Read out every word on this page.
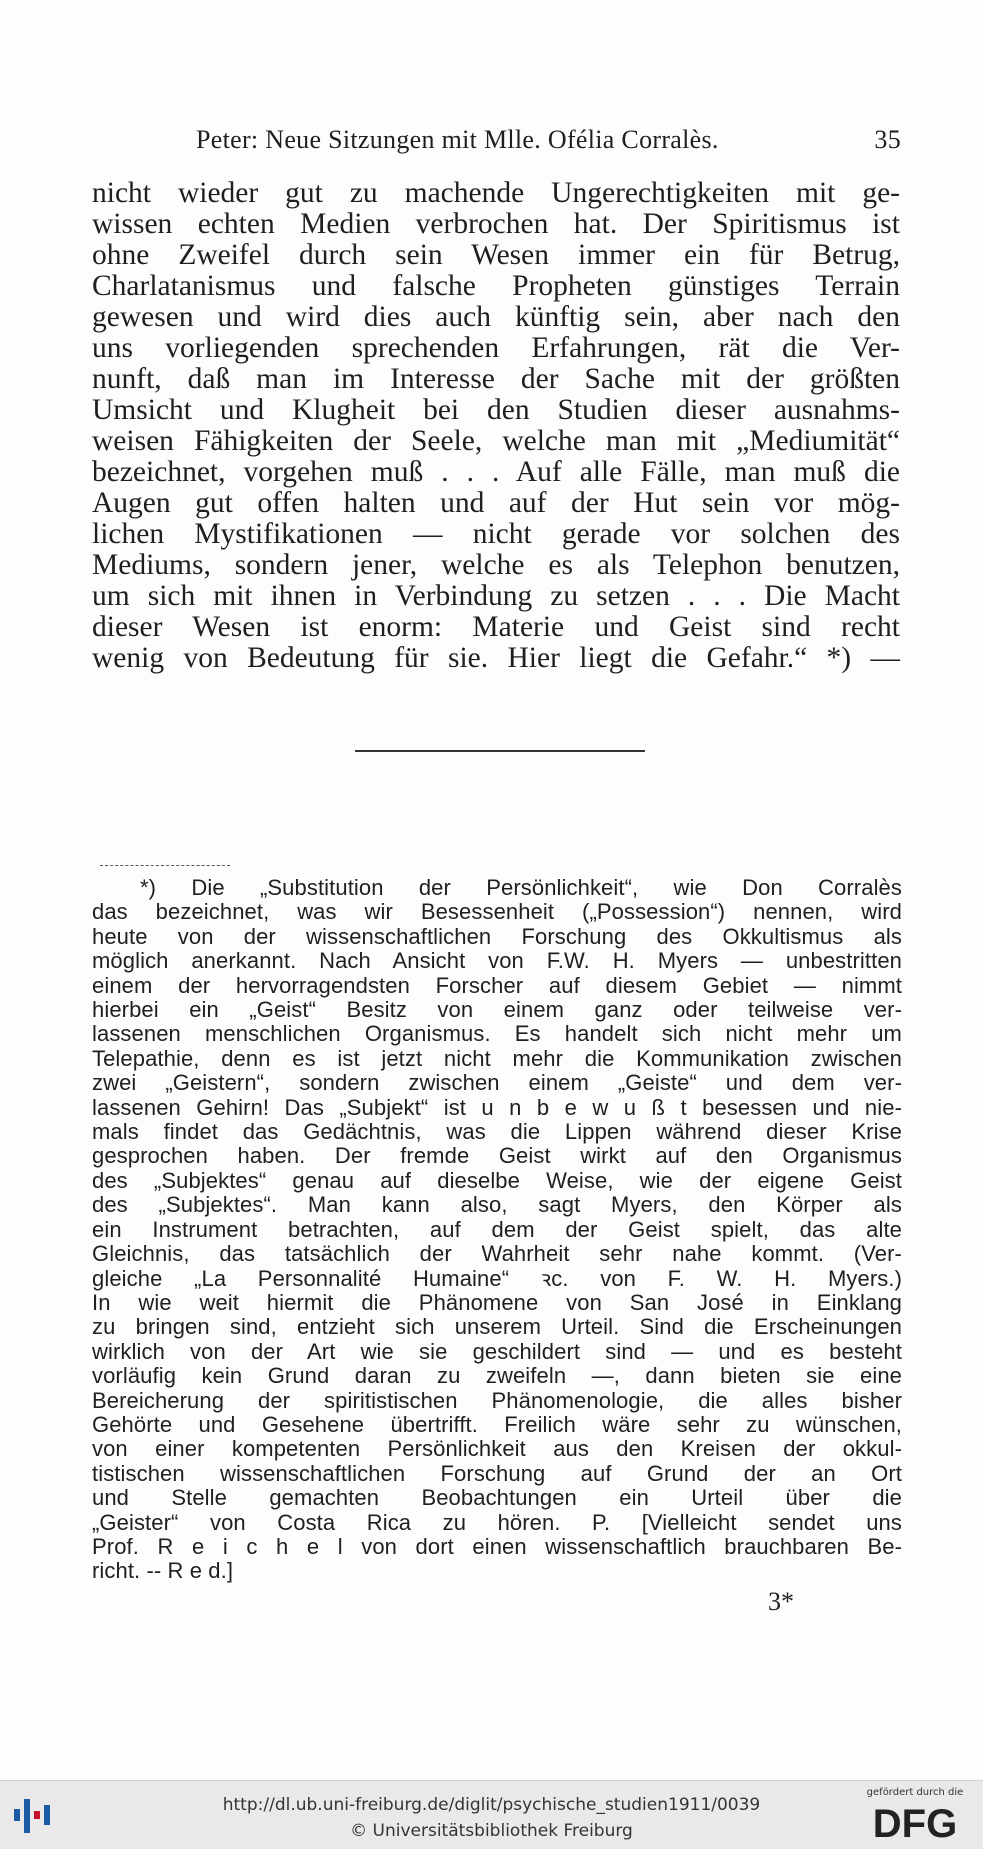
Peter: Neue Sitzungen mit Mlle. Ofélia Corralès.	35
nicht wieder gut zu machende Ungerechtigkeiten mit ge-
wissen echten Medien verbrochen hat. Der Spiritismus ist
ohne Zweifel durch sein Wesen immer ein für Betrug,
Charlatanismus und falsche Propheten günstiges Terrain
gewesen und wird dies auch künftig sein, aber nach den
uns vorliegenden sprechenden Erfahrungen, rät die Ver-
nunft, daß man im Interesse der Sache mit der größten
Umsicht und Klugheit bei den Studien dieser ausnahms-
weisen Fähigkeiten der Seele, welche man mit „Mediumität“
bezeichnet, vorgehen muß . . . Auf alle Fälle, man muß die
Augen gut offen halten und auf der Hut sein vor mög-
lichen Mystifikationen — nicht gerade vor solchen des
Mediums, sondern jener, welche es als Telephon benutzen,
um sich mit ihnen in Verbindung zu setzen . . . Die Macht
dieser Wesen ist enorm: Materie und Geist sind recht
wenig von Bedeutung für sie. Hier liegt die Gefahr.“ *) —
*) Die „Substitution der Persönlichkeit“, wie Don Corralès
das bezeichnet, was wir Besessenheit („Possession“) nennen, wird
heute von der wissenschaftlichen Forschung des Okkultismus als
möglich anerkannt. Nach Ansicht von F.W. H. Myers — unbestritten
einem der hervorragendsten Forscher auf diesem Gebiet — nimmt
hierbei ein „Geist“ Besitz von einem ganz oder teilweise ver-
lassenen menschlichen Organismus. Es handelt sich nicht mehr um
Telepathie, denn es ist jetzt nicht mehr die Kommunikation zwischen
zwei „Geistern“, sondern zwischen einem „Geiste“ und dem ver-
lassenen Gehirn! Das „Subjekt“ ist u n b e w u ß t besessen und nie-
mals findet das Gedächtnis, was die Lippen während dieser Krise
gesprochen haben. Der fremde Geist wirkt auf den Organismus
des „Subjektes“ genau auf dieselbe Weise, wie der eigene Geist
des „Subjektes“. Man kann also, sagt Myers, den Körper als
ein Instrument betrachten, auf dem der Geist spielt, das alte
Gleichnis, das tatsächlich der Wahrheit sehr nahe kommt. (Ver-
gleiche „La Personnalité Humaine“ ꝛc. von F. W. H. Myers.)
In wie weit hiermit die Phänomene von San José in Einklang
zu bringen sind, entzieht sich unserem Urteil. Sind die Erscheinungen
wirklich von der Art wie sie geschildert sind — und es besteht
vorläufig kein Grund daran zu zweifeln —, dann bieten sie eine
Bereicherung der spiritistischen Phänomenologie, die alles bisher
Gehörte und Gesehene übertrifft. Freilich wäre sehr zu wünschen,
von einer kompetenten Persönlichkeit aus den Kreisen der okkul-
tistischen wissenschaftlichen Forschung auf Grund der an Ort
und Stelle gemachten Beobachtungen ein Urteil über die
„Geister“ von Costa Rica zu hören. P. [Vielleicht sendet uns
Prof. R e i c h e l von dort einen wissenschaftlich brauchbaren Be-
richt. -- R e d.]
3*
http://dl.ub.uni-freiburg.de/diglit/psychische_studien1911/0039
© Universitätsbibliothek Freiburg
gefördert durch die
DFG
